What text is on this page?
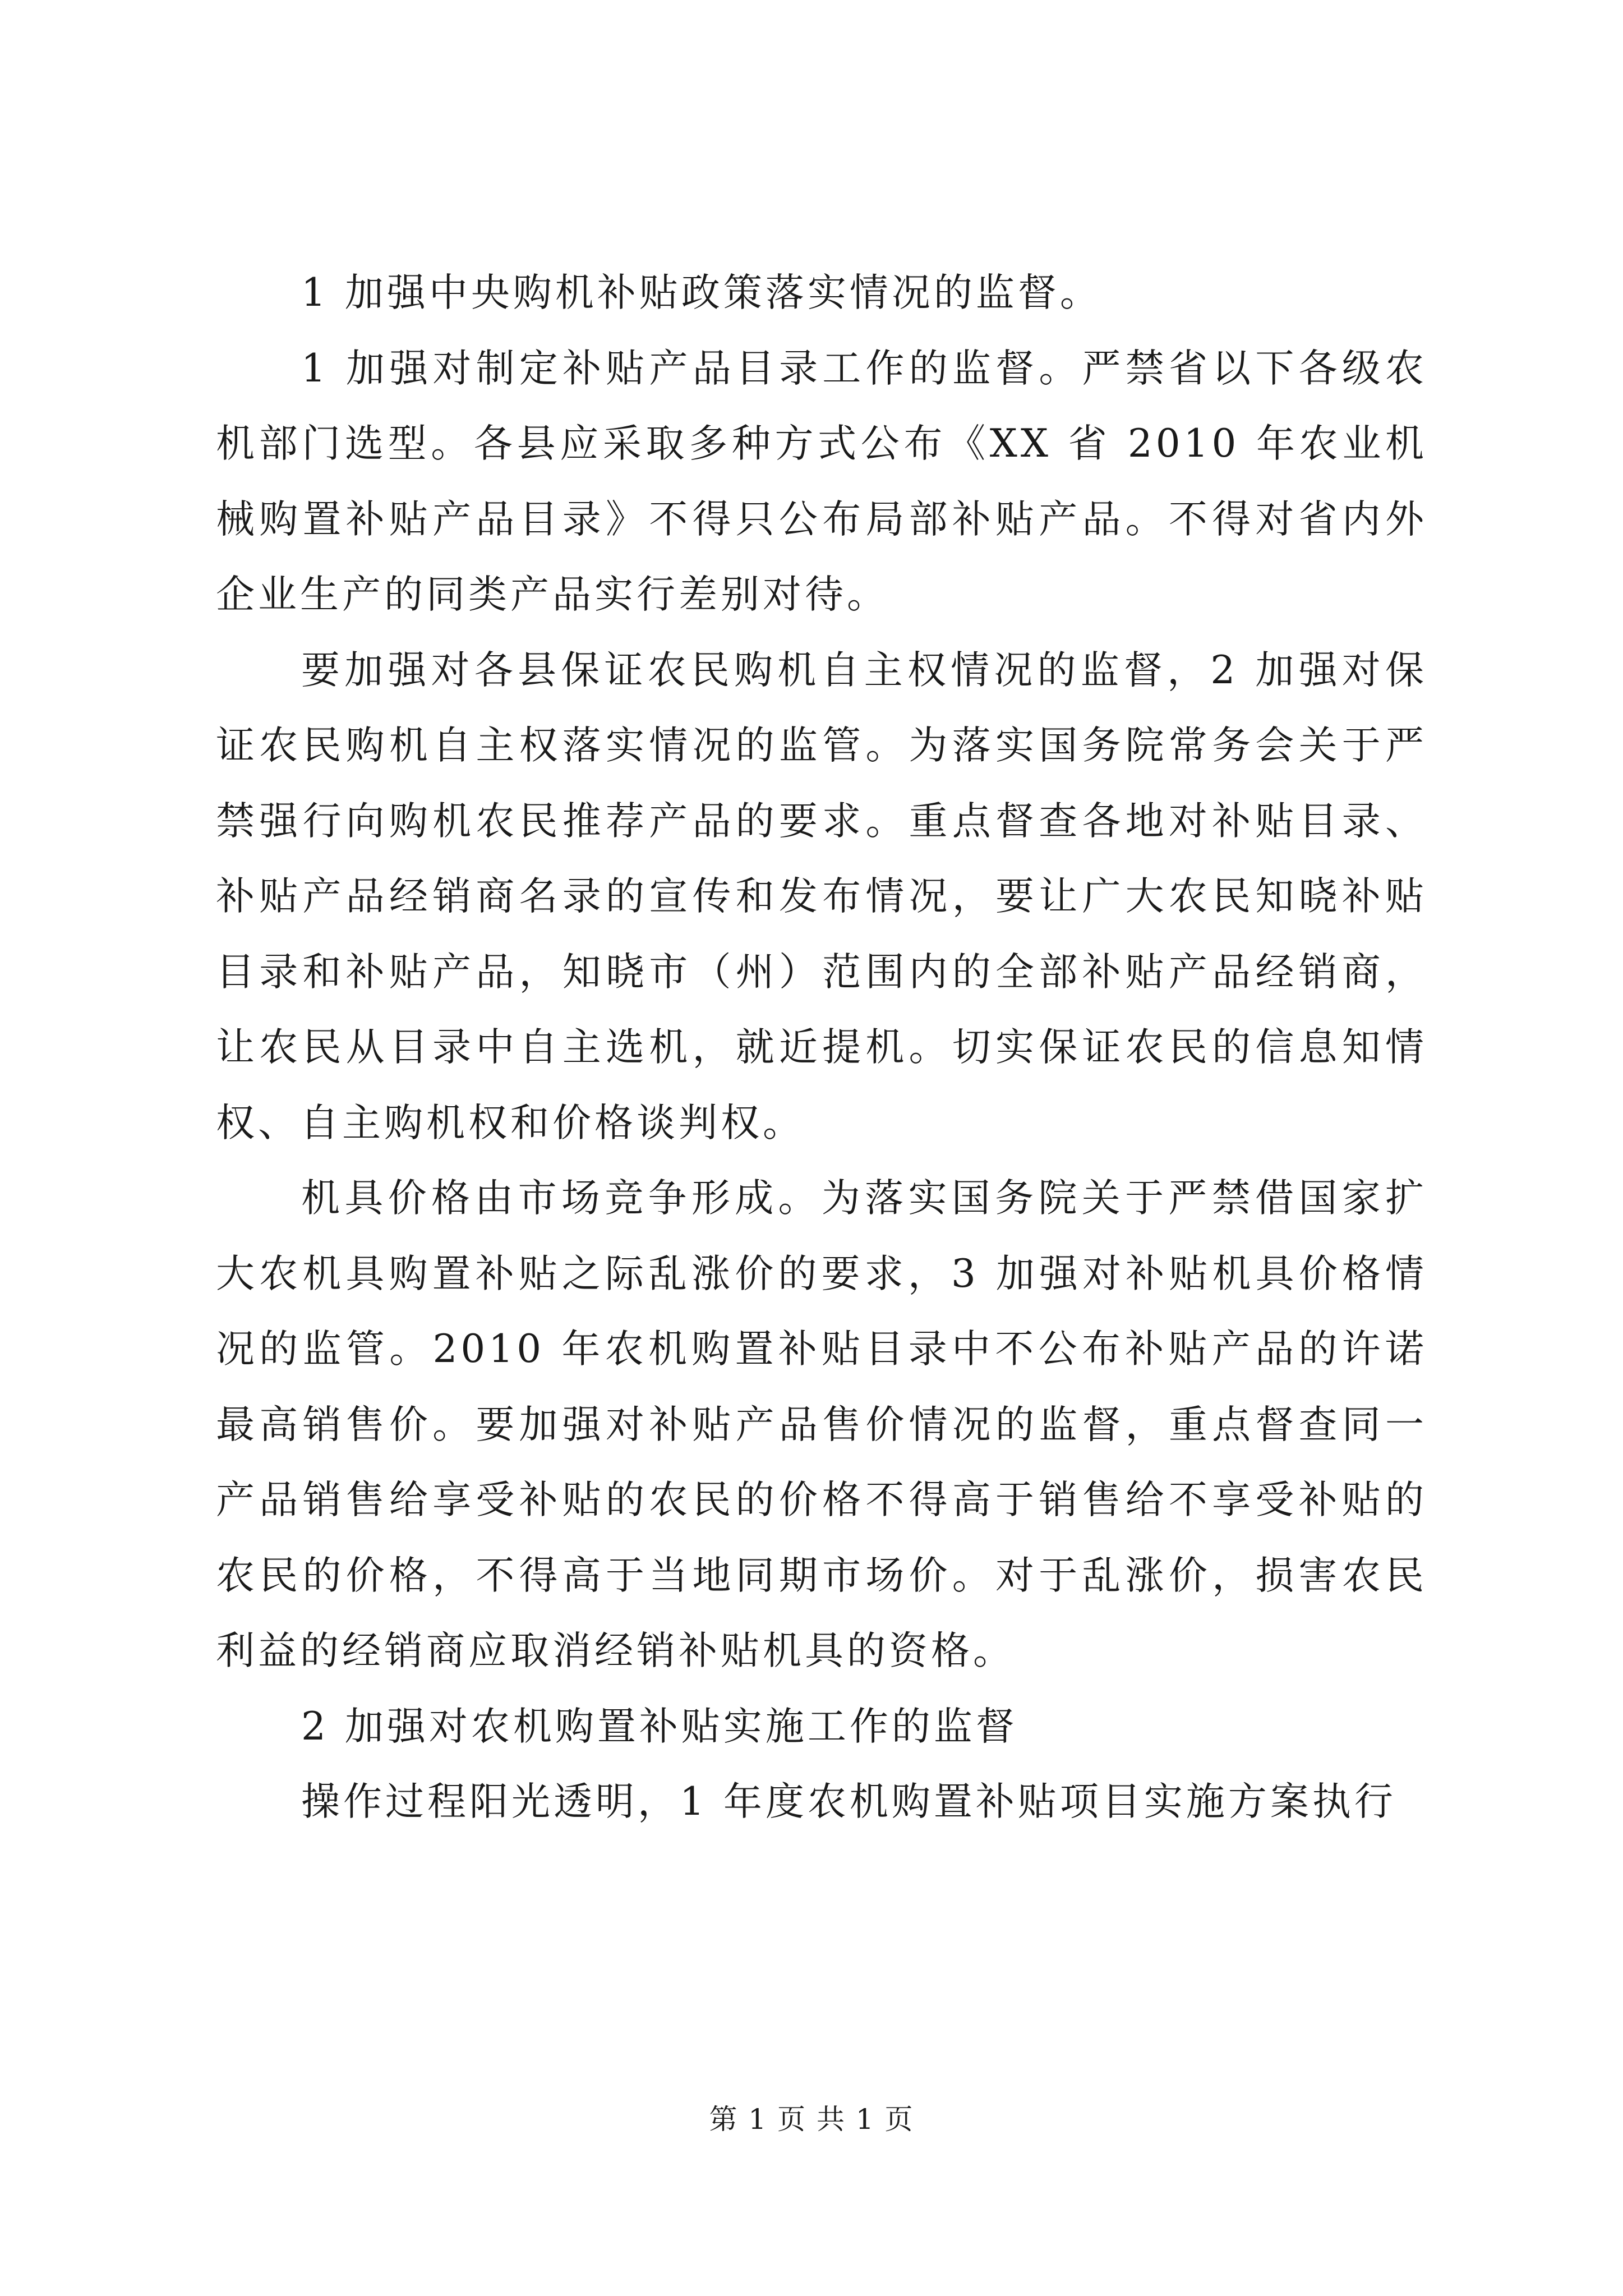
1 加强中央购机补贴政策落实情况的监督。

1 加强对制定补贴产品目录工作的监督。严禁省以下各级农机部门选型。各县应采取多种方式公布《XX 省 2010 年农业机械购置补贴产品目录》不得只公布局部补贴产品。不得对省内外企业生产的同类产品实行差别对待。

要加强对各县保证农民购机自主权情况的监督，2 加强对保证农民购机自主权落实情况的监管。为落实国务院常务会关于严禁强行向购机农民推荐产品的要求。重点督查各地对补贴目录、补贴产品经销商名录的宣传和发布情况，要让广大农民知晓补贴目录和补贴产品，知晓市（州）范围内的全部补贴产品经销商，让农民从目录中自主选机，就近提机。切实保证农民的信息知情权、自主购机权和价格谈判权。

机具价格由市场竞争形成。为落实国务院关于严禁借国家扩大农机具购置补贴之际乱涨价的要求，3 加强对补贴机具价格情况的监管。2010 年农机购置补贴目录中不公布补贴产品的许诺最高销售价。要加强对补贴产品售价情况的监督，重点督查同一产品销售给享受补贴的农民的价格不得高于销售给不享受补贴的农民的价格，不得高于当地同期市场价。对于乱涨价，损害农民利益的经销商应取消经销补贴机具的资格。

2 加强对农机购置补贴实施工作的监督

操作过程阳光透明，1 年度农机购置补贴项目实施方案执行

第 1 页 共 1 页
